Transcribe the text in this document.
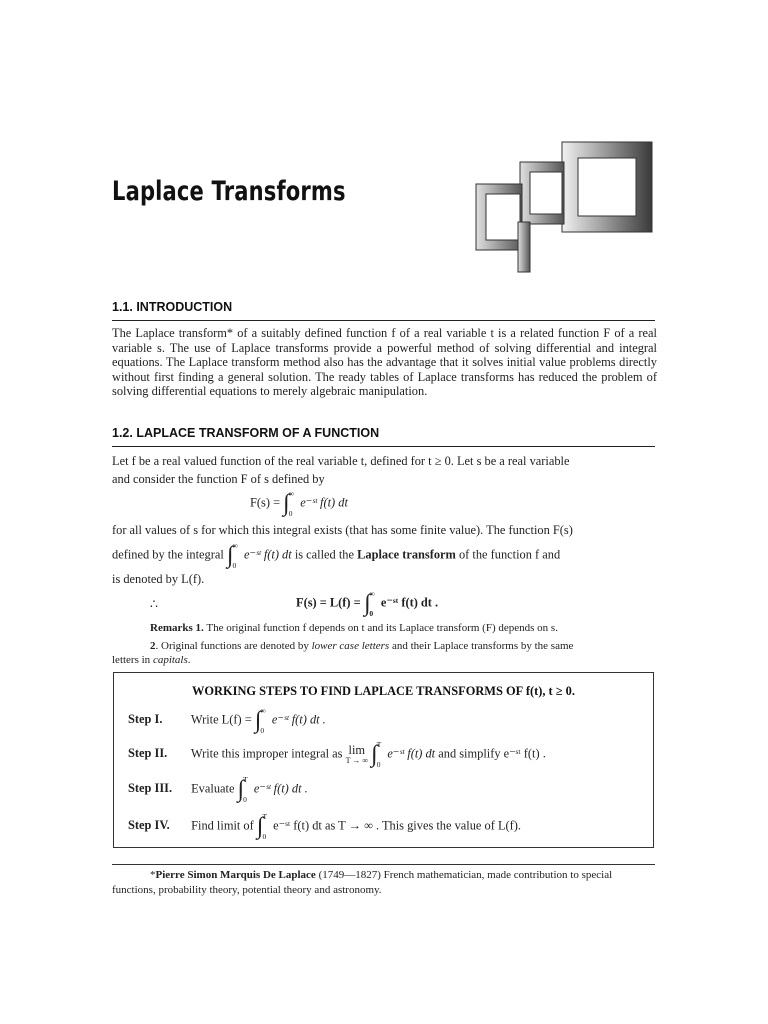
Laplace Transforms
1.1. INTRODUCTION
The Laplace transform* of a suitably defined function f of a real variable t is a related function F of a real variable s. The use of Laplace transforms provide a powerful method of solving differential and integral equations. The Laplace transform method also has the advantage that it solves initial value problems directly without first finding a general solution. The ready tables of Laplace transforms has reduced the problem of solving differential equations to merely algebraic manipulation.
1.2. LAPLACE TRANSFORM OF A FUNCTION
Let f be a real valued function of the real variable t, defined for t ≥ 0. Let s be a real variable
and consider the function F of s defined by
F(s) = ∫ ∞
0
e⁻ˢᵗ f(t) dt
for all values of s for which this integral exists (that has some finite value). The function F(s)
defined by the integral ∫ ∞
0
e⁻ˢᵗ f(t) dt is called the Laplace transform of the function f and
is denoted by L(f).
∴	F(s) = L(f) = ∫ ∞
0
e⁻ˢᵗ f(t) dt .
Remarks 1. The original function f depends on t and its Laplace transform (F) depends on s.
2. Original functions are denoted by lower case letters and their Laplace transforms by the same
letters in capitals.
WORKING STEPS TO FIND LAPLACE TRANSFORMS OF f(t), t ≥ 0.
Step I. Write L(f) = ∫ ∞
0
e⁻ˢᵗ f(t) dt .
Step II. Write this improper integral as lim
T → ∞ ∫ T
0
e⁻ˢᵗ f(t) dt and simplify e⁻ˢᵗ f(t) .
Step III. Evaluate ∫ T
0
e⁻ˢᵗ f(t) dt .
Step IV. Find limit of ∫ T
0
e⁻ˢᵗ f(t) dt as T → ∞ . This gives the value of L(f).
*Pierre Simon Marquis De Laplace (1749—1827) French mathematician, made contribution to special functions, probability theory, potential theory and astronomy.
